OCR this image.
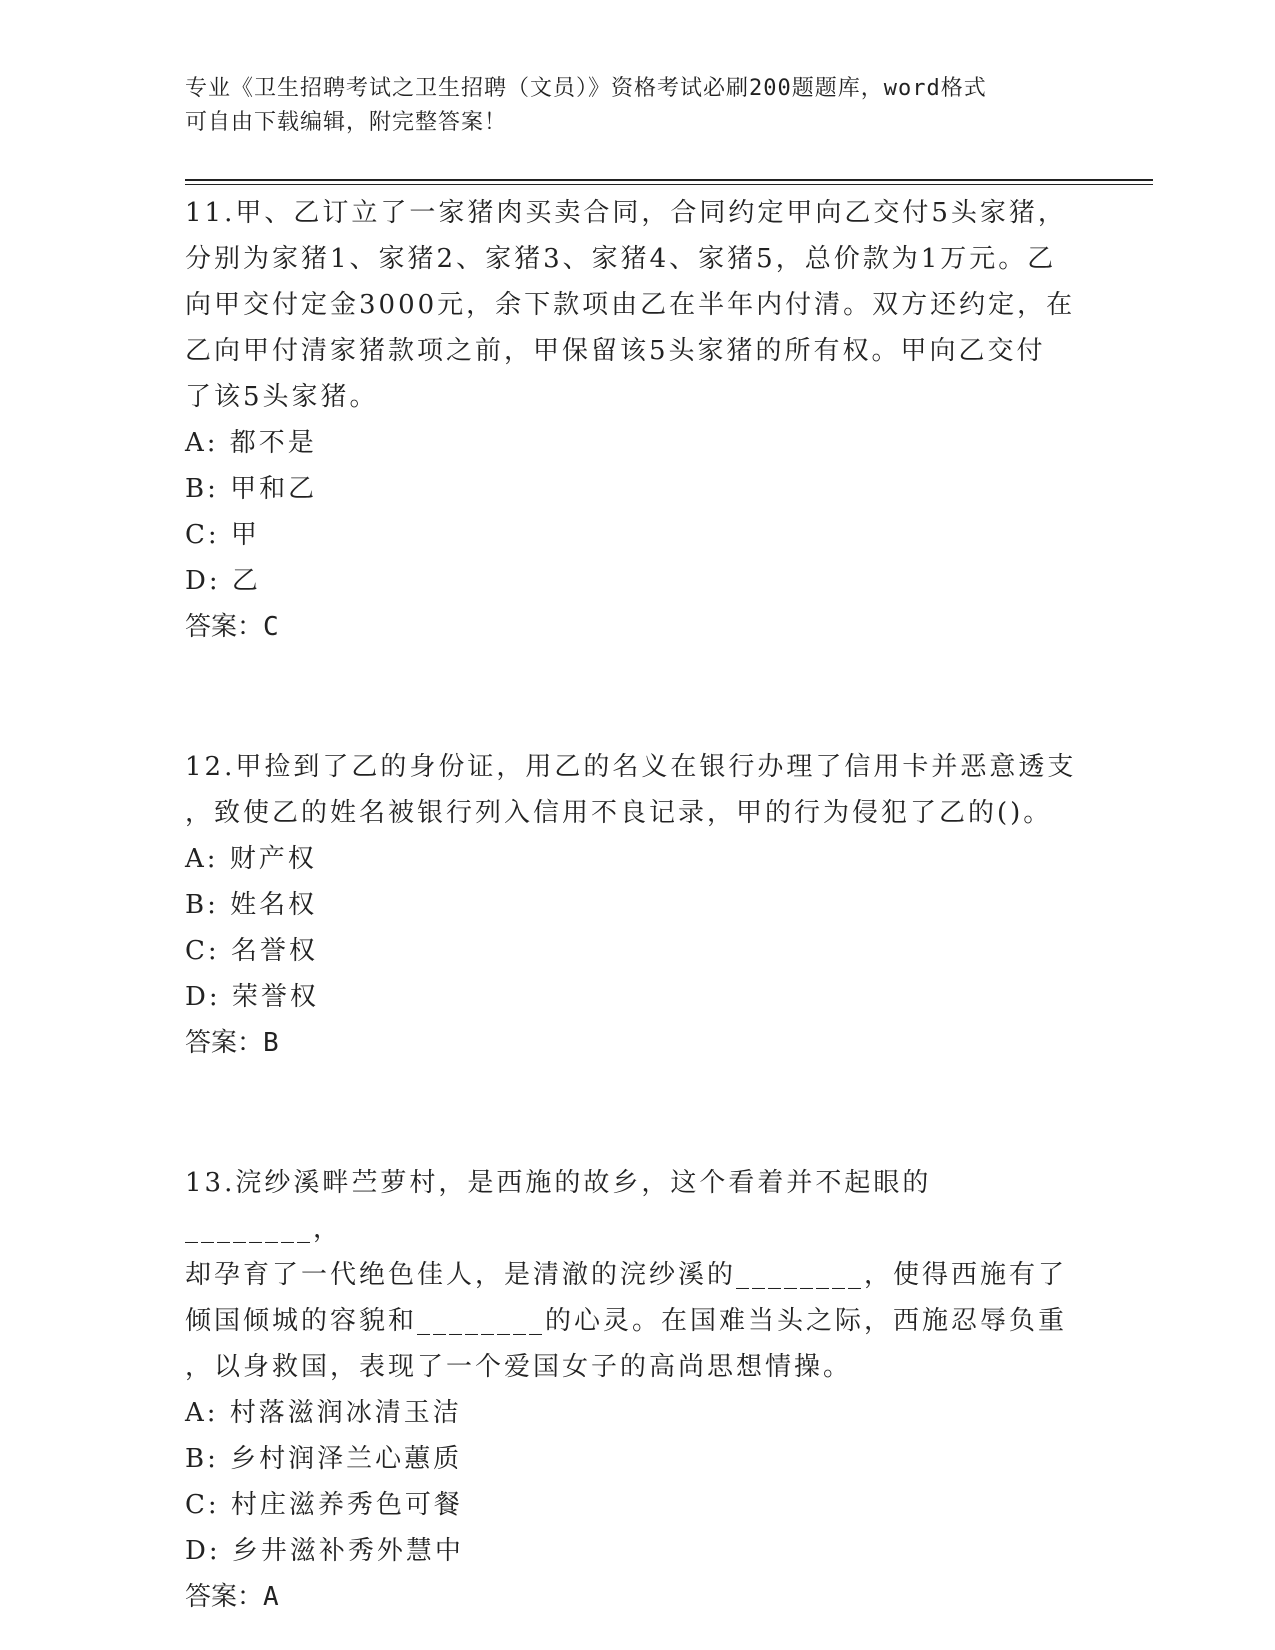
专业《卫生招聘考试之卫生招聘（文员）》资格考试必刷200题题库，word格式
可自由下载编辑，附完整答案！

11.甲、乙订立了一家猪肉买卖合同，合同约定甲向乙交付5头家猪，

分别为家猪1、家猪2、家猪3、家猪4、家猪5，总价款为1万元。乙

向甲交付定金3000元，余下款项由乙在半年内付清。双方还约定，在

乙向甲付清家猪款项之前，甲保留该5头家猪的所有权。甲向乙交付

了该5头家猪。

A: 都不是

B: 甲和乙

C: 甲

D: 乙

答案：C

12.甲捡到了乙的身份证，用乙的名义在银行办理了信用卡并恶意透支

，致使乙的姓名被银行列入信用不良记录，甲的行为侵犯了乙的()。

A: 财产权

B: 姓名权

C: 名誉权

D: 荣誉权

答案：B

13.浣纱溪畔苎萝村，是西施的故乡，这个看着并不起眼的________，

却孕育了一代绝色佳人，是清澈的浣纱溪的________，使得西施有了

倾国倾城的容貌和________的心灵。在国难当头之际，西施忍辱负重

，以身救国，表现了一个爱国女子的高尚思想情操。

A: 村落滋润冰清玉洁

B: 乡村润泽兰心蕙质

C: 村庄滋养秀色可餐

D: 乡井滋补秀外慧中

答案：A
